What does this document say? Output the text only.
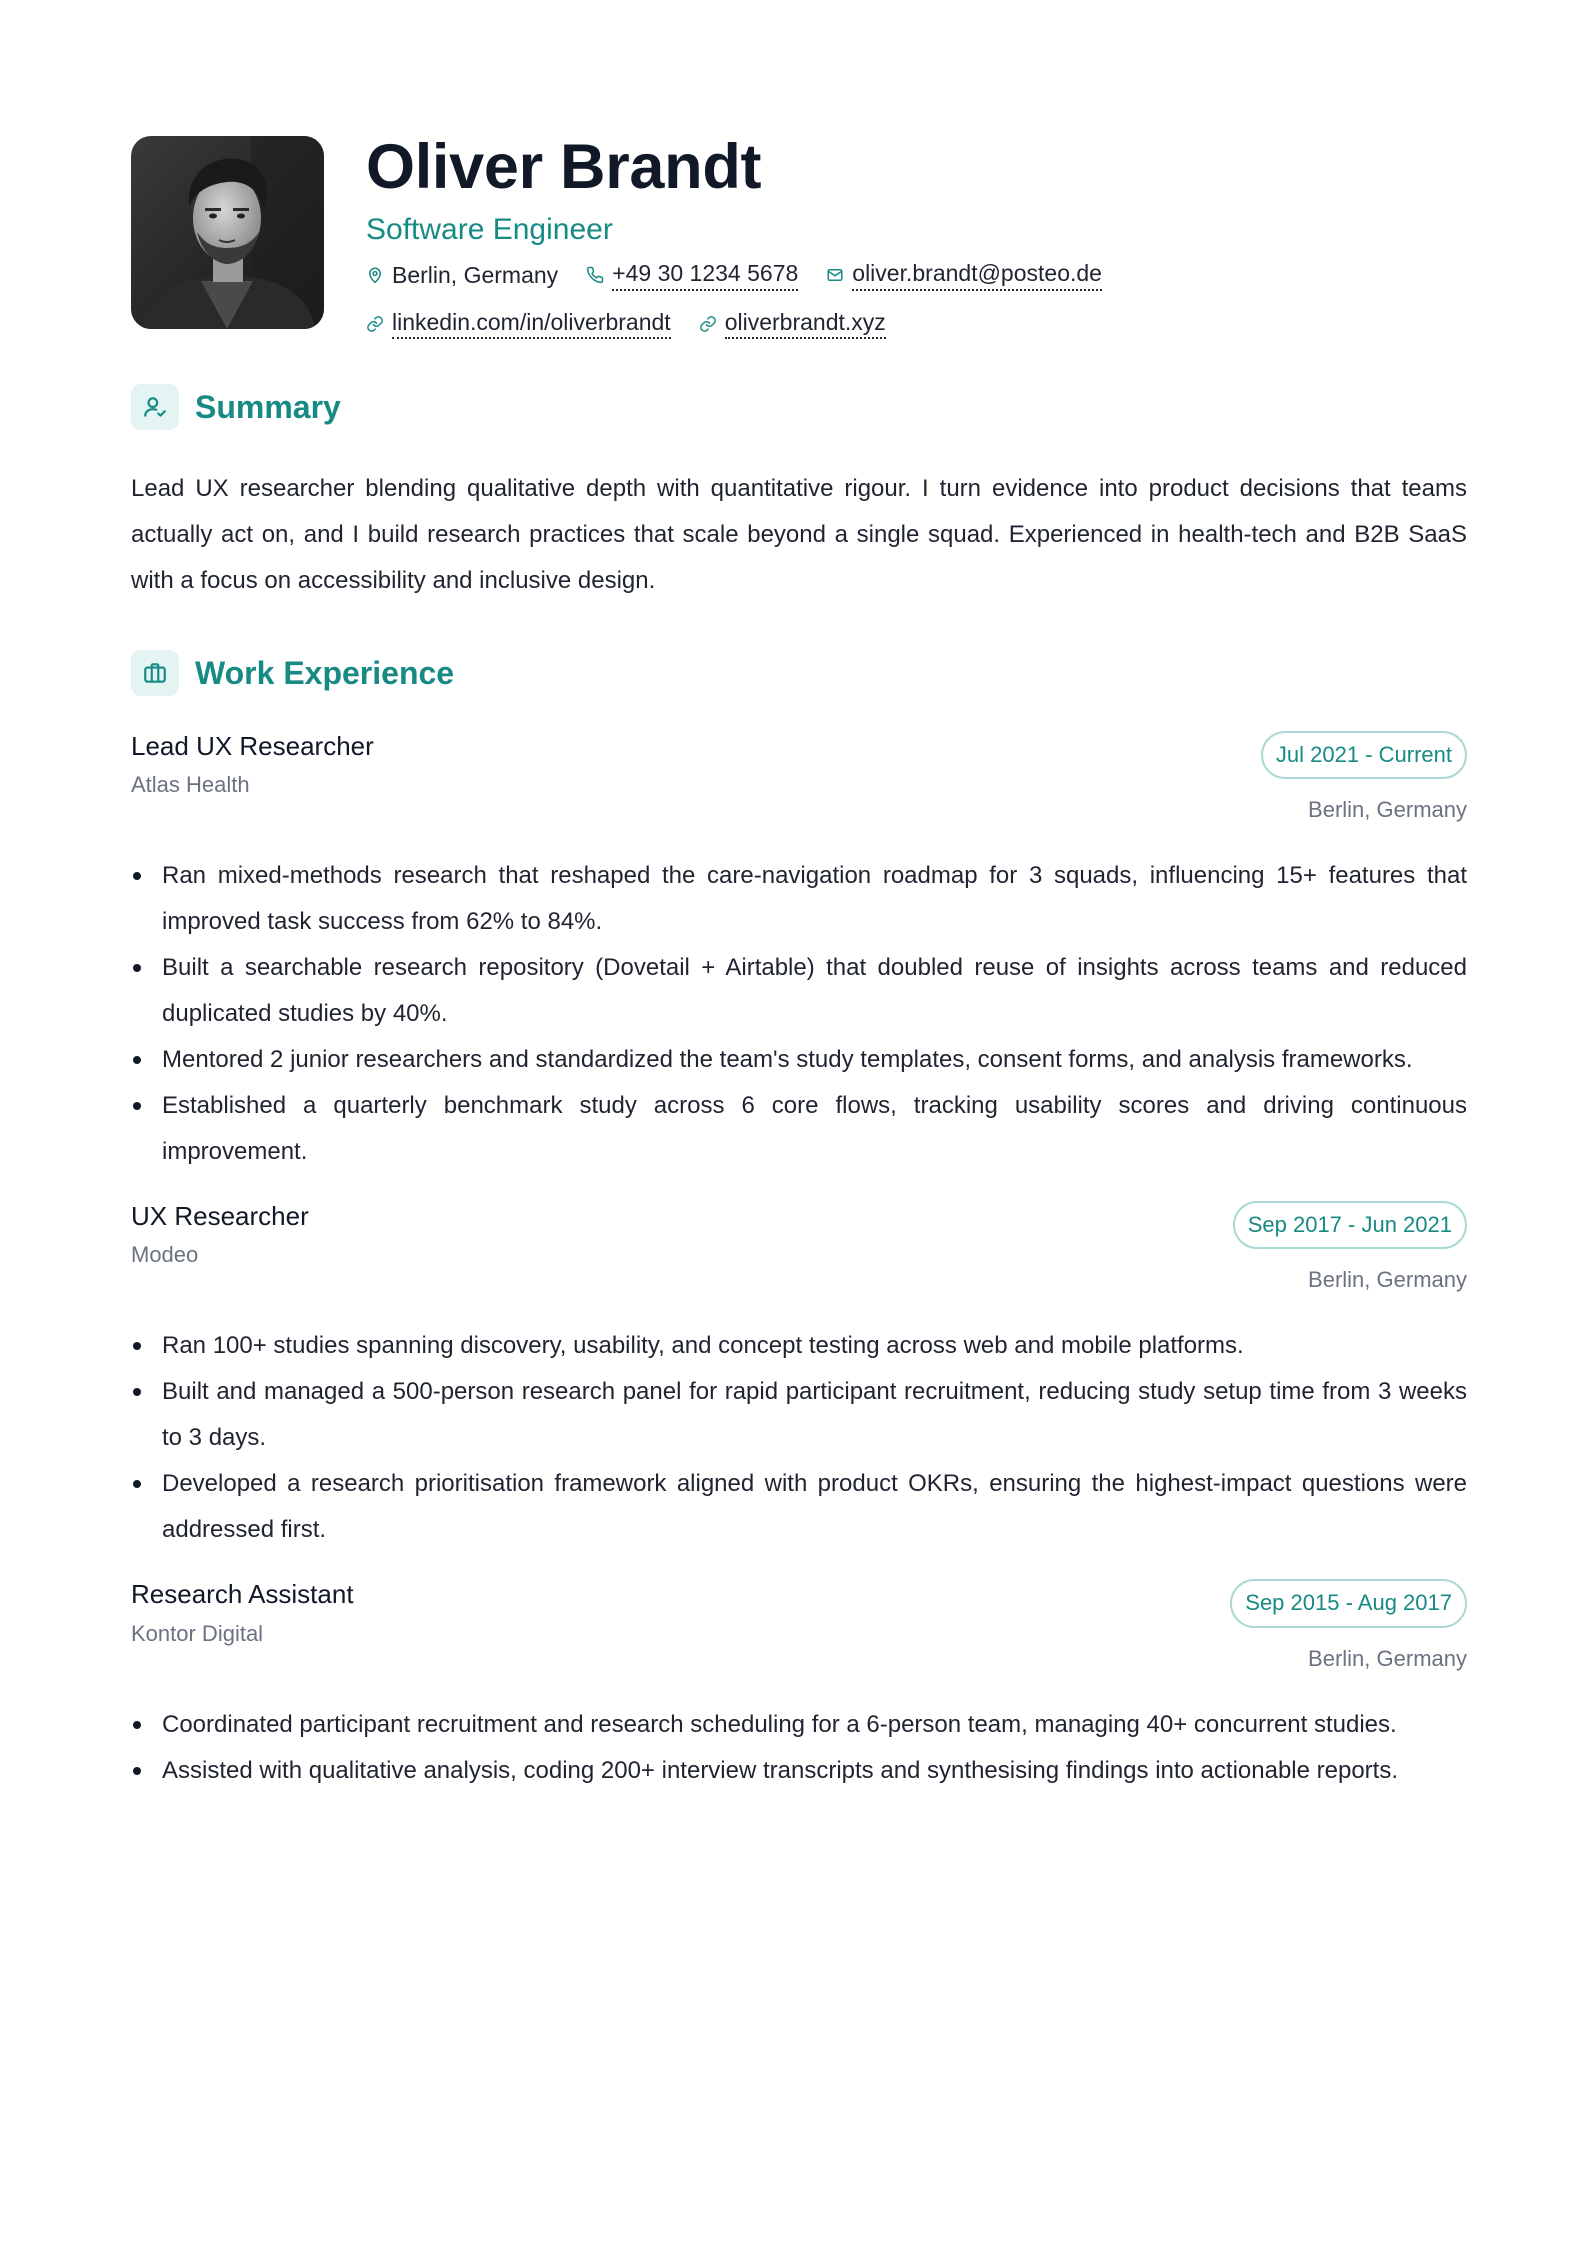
Oliver Brandt
Software Engineer
Berlin, Germany +49 30 1234 5678 oliver.brandt@posteo.de
linkedin.com/in/oliverbrandt oliverbrandt.xyz
Summary

Lead UX researcher blending qualitative depth with quantitative rigour. I turn evidence into product decisions that teams actually act on, and I build research practices that scale beyond a single squad. Experienced in health-tech and B2B SaaS with a focus on accessibility and inclusive design.

Work Experience
Lead UX Researcher
Atlas Health
Jul 2021 - Current
Berlin, Germany
Ran mixed-methods research that reshaped the care-navigation roadmap for 3 squads, influencing 15+ features that improved task success from 62% to 84%.
Built a searchable research repository (Dovetail + Airtable) that doubled reuse of insights across teams and reduced duplicated studies by 40%.
Mentored 2 junior researchers and standardized the team's study templates, consent forms, and analysis frameworks.
Established a quarterly benchmark study across 6 core flows, tracking usability scores and driving continuous improvement.
UX Researcher
Modeo
Sep 2017 - Jun 2021
Berlin, Germany
Ran 100+ studies spanning discovery, usability, and concept testing across web and mobile platforms.
Built and managed a 500-person research panel for rapid participant recruitment, reducing study setup time from 3 weeks to 3 days.
Developed a research prioritisation framework aligned with product OKRs, ensuring the highest-impact questions were addressed first.
Research Assistant
Kontor Digital
Sep 2015 - Aug 2017
Berlin, Germany
Coordinated participant recruitment and research scheduling for a 6-person team, managing 40+ concurrent studies.
Assisted with qualitative analysis, coding 200+ interview transcripts and synthesising findings into actionable reports.
